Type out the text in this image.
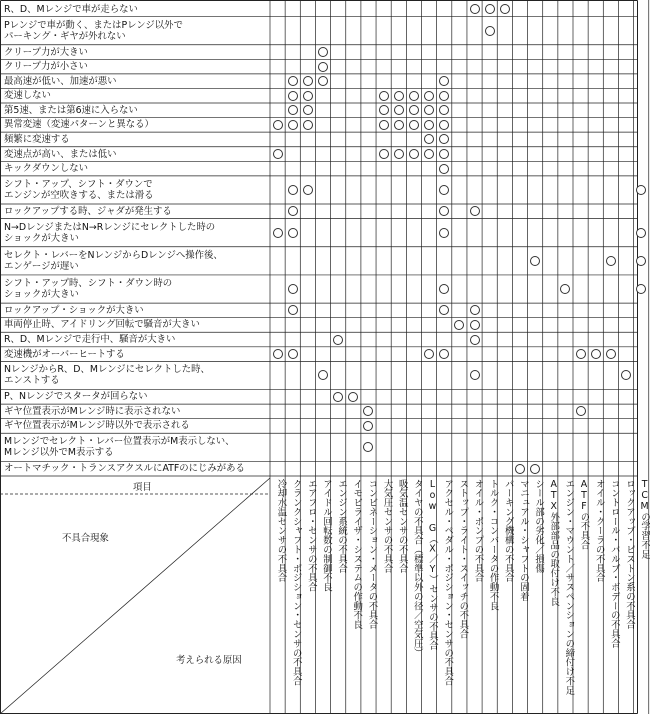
R、D、Mレンジで車が走らない
Pレンジで車が動く、またはPレンジ以外で
パーキング・ギヤが外れない
クリープ力が大きい
クリープ力が小さい
最高速が低い、加速が悪い
変速しない
第5速、または第6速に入らない
異常変速（変速パターンと異なる）
頻繁に変速する
変速点が高い、または低い
キックダウンしない
シフト・アップ、シフト・ダウンで
エンジンが空吹きする、または滑る
ロックアップする時、ジャダが発生する
N→DレンジまたはN→Rレンジにセレクトした時の
ショックが大きい
セレクト・レバーをNレンジからDレンジへ操作後、
エンゲージが遅い
シフト・アップ時、シフト・ダウン時の
ショックが大きい
ロックアップ・ショックが大きい
車両停止時、アイドリング回転で騒音が大きい
R、D、Mレンジで走行中、騒音が大きい
変速機がオーバーヒートする
NレンジからR、D、Mレンジにセレクトした時、
エンストする
P、Nレンジでスタータが回らない
ギヤ位置表示がMレンジ時に表示されない
ギヤ位置表示がMレンジ時以外で表示される
Mレンジでセレクト・レバー位置表示がM表示しない、
Mレンジ以外でM表示する
オートマチック・トランスアクスルにATFのにじみがある
冷却水温センサの不具合 クランクシャフト・ポジション・センサの不具合 エアフロ・センサの不具合 アイドル回転数の制御不良 エンジン系統の不具合 イモビライザ・システムの作動不良 コンビネーション・メータの不具合 大気圧センサの不具合 吸気温センサの不具合 タイヤの不具合（標準以外の径／空気圧） Low G（X／Y）センサの不具合 アクセル・ペダル・ポジション・センサの不具合 ストップ・ライト・スイッチの不具合 オイル・ポンプの不具合 トルク・コンバータの作動不良 パーキング機構の不具合 マニュアル・シャフトの固着 シール部の劣化／損傷 ATX外部部品の取付け不良 エンジン・マウント／サスペンションの締付け不足 ATFの不具合 オイル・クーラの不具合 コントロール・バルブ・ボデーの不具合 ロックアップ・ピストン系の不具合 TCMの学習不足
項目
不具合現象
考えられる原因
